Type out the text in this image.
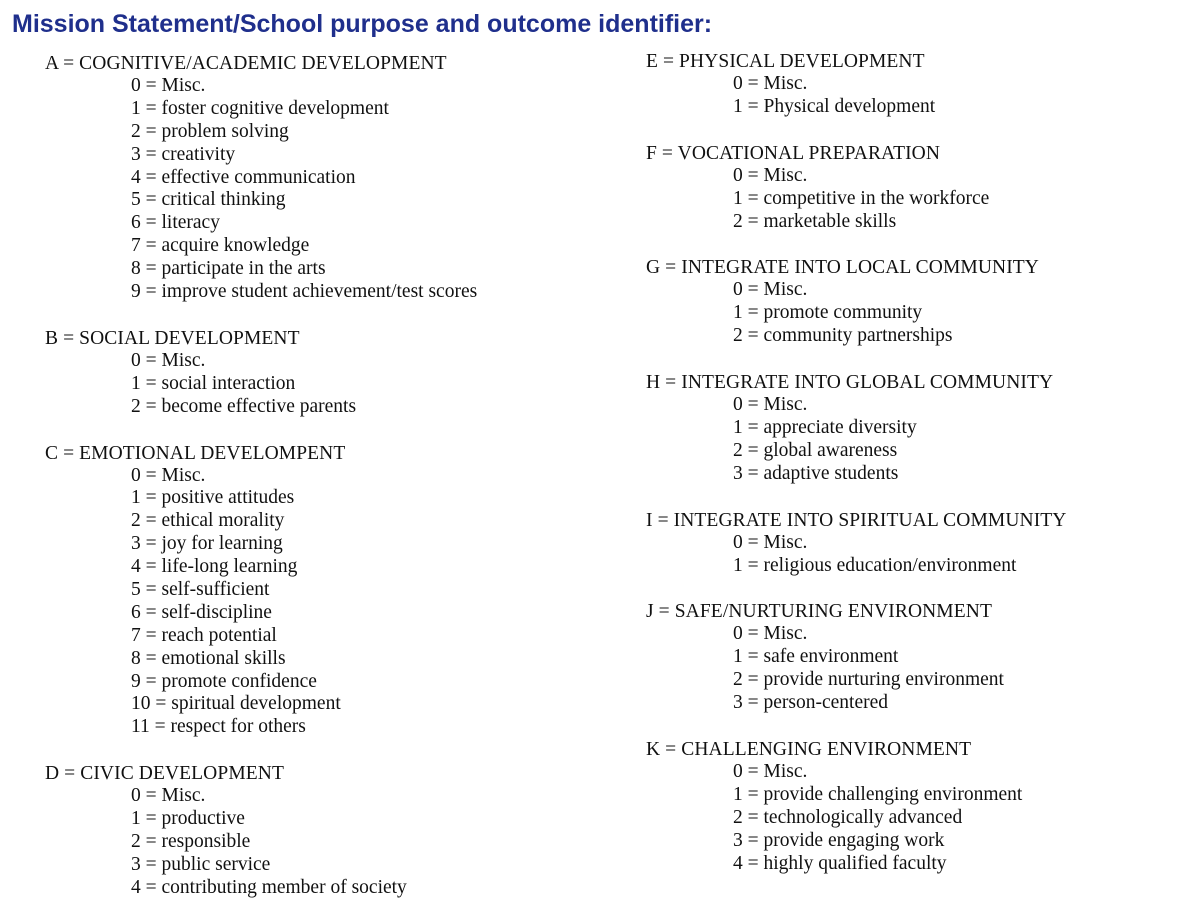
Mission Statement/School purpose and outcome identifier:
A = COGNITIVE/ACADEMIC DEVELOPMENT
0 = Misc.
1 = foster cognitive development
2 = problem solving
3 = creativity
4 = effective communication
5 = critical thinking
6 = literacy
7 = acquire knowledge
8 = participate in the arts
9 = improve student achievement/test scores
B = SOCIAL DEVELOPMENT
0 = Misc.
1 = social interaction
2 = become effective parents
C = EMOTIONAL DEVELOMPENT
0 = Misc.
1 = positive attitudes
2 = ethical morality
3 = joy for learning
4 = life-long learning
5 = self-sufficient
6 = self-discipline
7 = reach potential
8 = emotional skills
9 = promote confidence
10 = spiritual development
11 = respect for others
D = CIVIC DEVELOPMENT
0 = Misc.
1 = productive
2 = responsible
3 = public service
4 = contributing member of society
E = PHYSICAL DEVELOPMENT
0 = Misc.
1 = Physical development
F = VOCATIONAL PREPARATION
0 = Misc.
1 = competitive in the workforce
2 = marketable skills
G = INTEGRATE INTO LOCAL COMMUNITY
0 = Misc.
1 = promote community
2 = community partnerships
H = INTEGRATE INTO GLOBAL COMMUNITY
0 = Misc.
1 = appreciate diversity
2 = global awareness
3 = adaptive students
I = INTEGRATE INTO SPIRITUAL COMMUNITY
0 = Misc.
1 = religious education/environment
J = SAFE/NURTURING ENVIRONMENT
0 = Misc.
1 = safe environment
2 = provide nurturing environment
3 = person-centered
K = CHALLENGING ENVIRONMENT
0 = Misc.
1 = provide challenging environment
2 = technologically advanced
3 = provide engaging work
4 = highly qualified faculty
